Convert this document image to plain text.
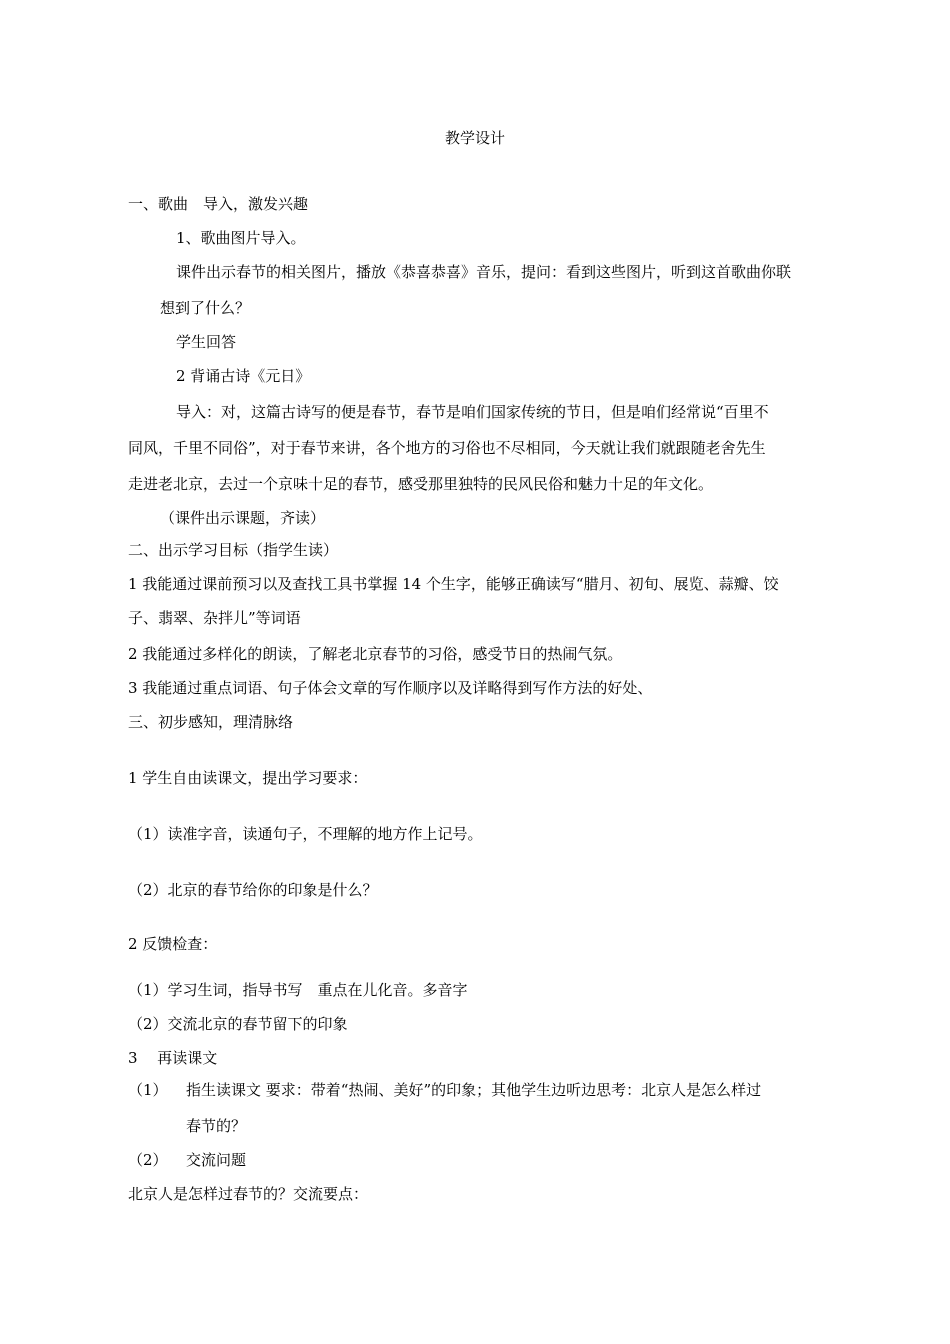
教学设计
一、歌曲　导入，激发兴趣
1、歌曲图片导入。
课件出示春节的相关图片，播放《恭喜恭喜》音乐，提问：看到这些图片，听到这首歌曲你联
想到了什么？
学生回答
2 背诵古诗《元日》
导入：对，这篇古诗写的便是春节，春节是咱们国家传统的节日，但是咱们经常说“百里不
同风，千里不同俗”，对于春节来讲，各个地方的习俗也不尽相同，今天就让我们就跟随老舍先生
走进老北京，去过一个京味十足的春节，感受那里独特的民风民俗和魅力十足的年文化。
（课件出示课题，齐读）
二、出示学习目标（指学生读）
1 我能通过课前预习以及查找工具书掌握 14 个生字，能够正确读写“腊月、初旬、展览、蒜瓣、饺
子、翡翠、杂拌儿”等词语
2 我能通过多样化的朗读，了解老北京春节的习俗，感受节日的热闹气氛。
3 我能通过重点词语、句子体会文章的写作顺序以及详略得到写作方法的好处、
三、初步感知，理清脉络
1 学生自由读课文，提出学习要求：
（1）读准字音，读通句子，不理解的地方作上记号。
（2）北京的春节给你的印象是什么？
2 反馈检查：
（1）学习生词，指导书写　重点在儿化音。多音字
（2）交流北京的春节留下的印象
3　 再读课文
（1） 指生读课文 要求：带着“热闹、美好”的印象；其他学生边听边思考：北京人是怎么样过
春节的？
（2） 交流问题
北京人是怎样过春节的？交流要点：
